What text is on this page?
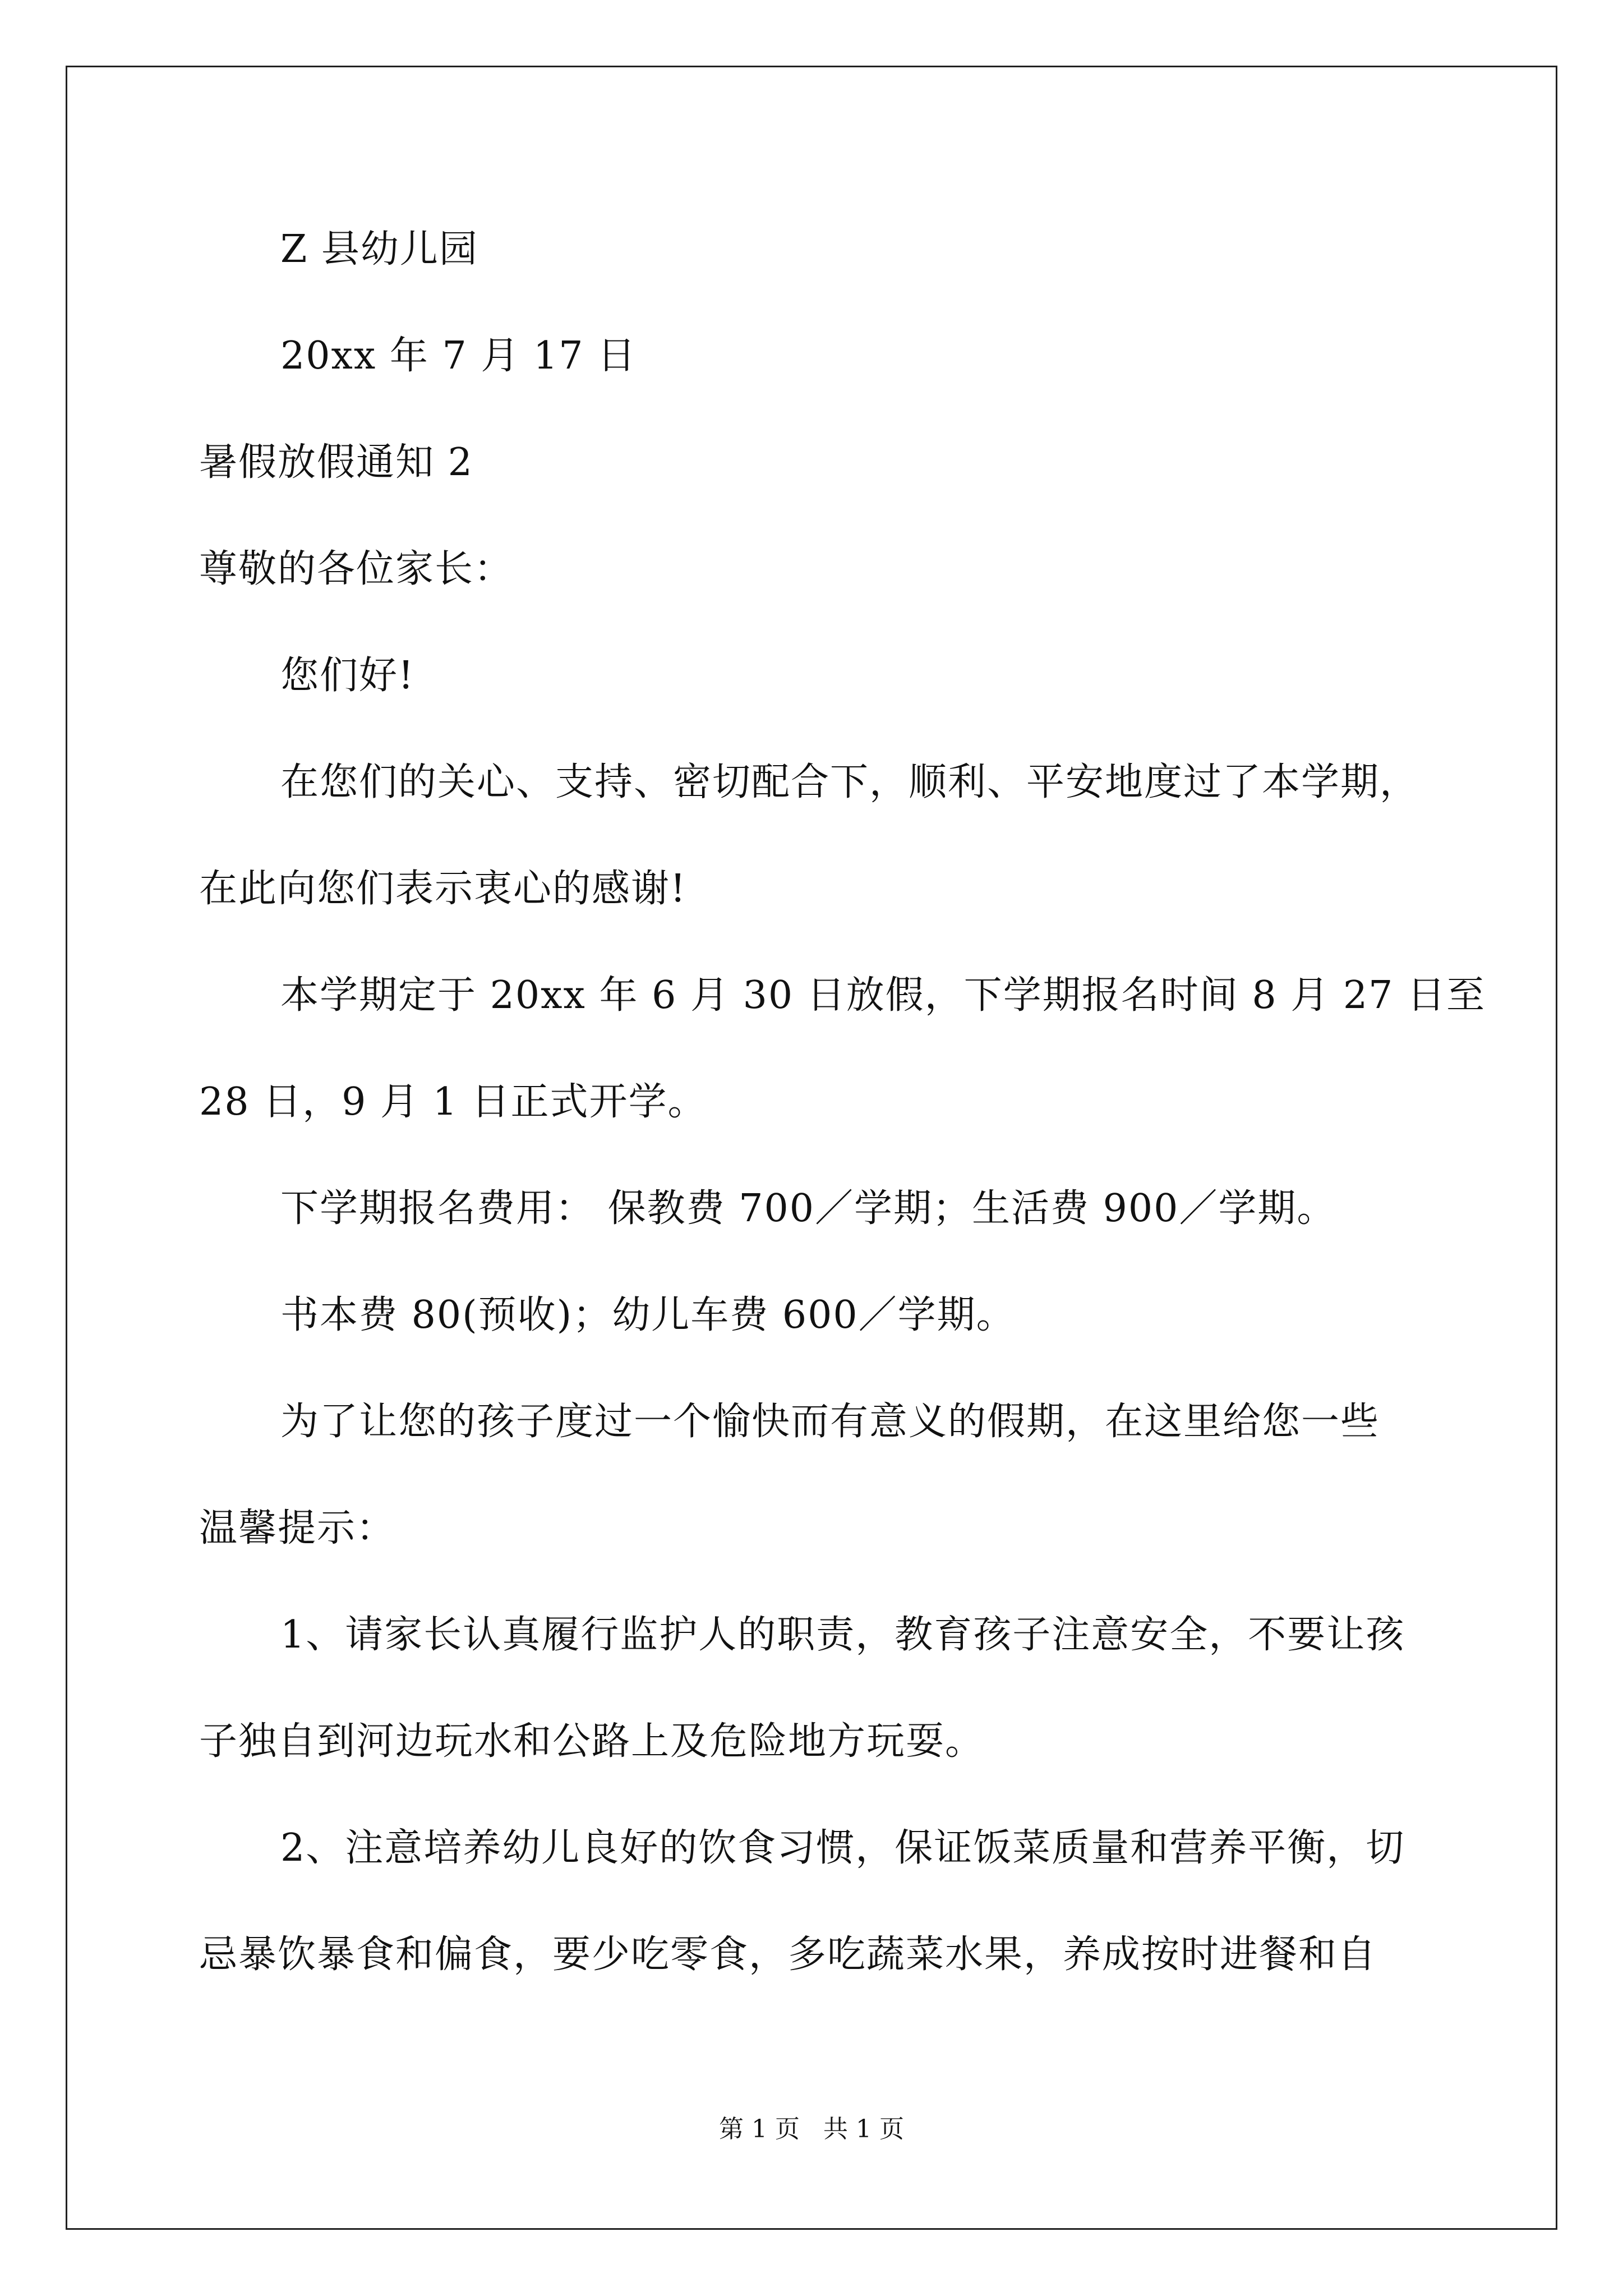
Z 县幼儿园
20xx 年 7 月 17 日
暑假放假通知 2
尊敬的各位家长：
您们好!
在您们的关心、支持、密切配合下，顺利、平安地度过了本学期，
在此向您们表示衷心的感谢!
本学期定于 20xx 年 6 月 30 日放假，下学期报名时间 8 月 27 日至
28 日，9 月 1 日正式开学。
下学期报名费用： 保教费 700／学期；生活费 900／学期。
书本费 80(预收)；幼儿车费 600／学期。
为了让您的孩子度过一个愉快而有意义的假期，在这里给您一些
温馨提示：
1、请家长认真履行监护人的职责，教育孩子注意安全，不要让孩
子独自到河边玩水和公路上及危险地方玩耍。
2、注意培养幼儿良好的饮食习惯，保证饭菜质量和营养平衡，切
忌暴饮暴食和偏食，要少吃零食，多吃蔬菜水果，养成按时进餐和自
第 1 页   共 1 页
